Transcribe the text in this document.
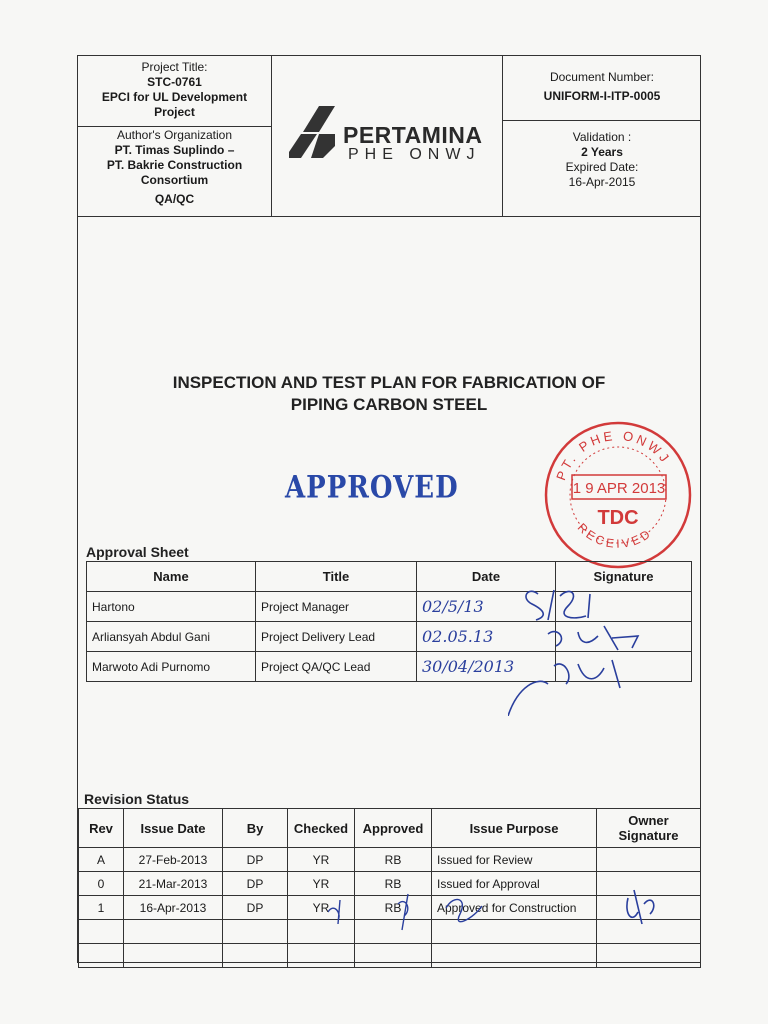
Project Title:
STC-0761
EPCI for UL Development Project
Author's Organization
PT. Timas Suplindo –
PT. Bakrie Construction Consortium
QA/QC
PERTAMINA
PHE ONWJ
Document Number:
UNIFORM-I-ITP-0005
Validation :
2 Years
Expired Date:
16-Apr-2015
INSPECTION AND TEST PLAN FOR FABRICATION OF
PIPING CARBON STEEL
APPROVED	PT. PHE ONWJ
RECEIVED
1 9 APR 2013
TDC
Approval Sheet
Name	Title	Date	Signature
Hartono	Project Manager	02/5/13	
Arliansyah Abdul Gani	Project Delivery Lead	02.05.13	
Marwoto Adi Purnomo	Project QA/QC Lead	30/04/2013	
Revision Status
Rev	Issue Date	By	Checked	Approved	Issue Purpose	Owner Signature
A	27-Feb-2013	DP	YR	RB	Issued for Review	
0	21-Mar-2013	DP	YR	RB	Issued for Approval	
1	16-Apr-2013	DP	YR	RB	Approved for Construction	
